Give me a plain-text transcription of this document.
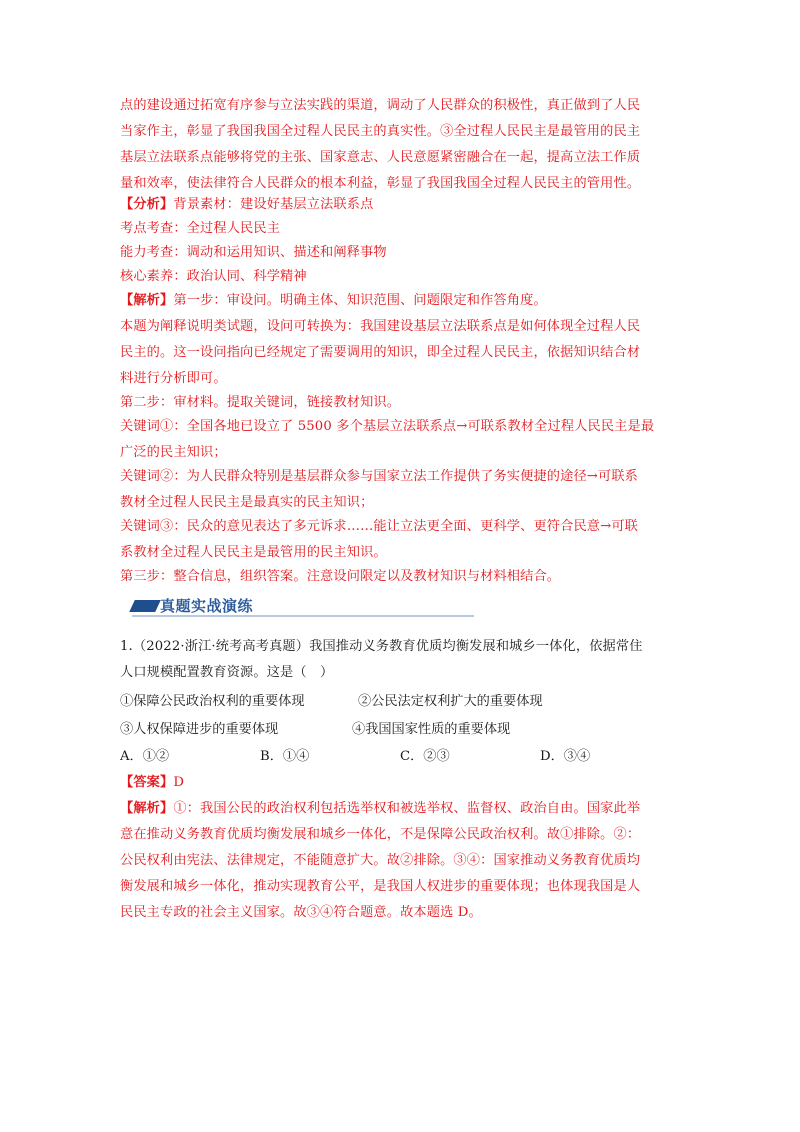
点的建设通过拓宽有序参与立法实践的渠道，调动了人民群众的积极性，真正做到了人民
当家作主，彰显了我国我国全过程人民民主的真实性。③全过程人民民主是最管用的民主
基层立法联系点能够将党的主张、国家意志、人民意愿紧密融合在一起，提高立法工作质
量和效率，使法律符合人民群众的根本利益，彰显了我国我国全过程人民民主的管用性。
【分析】背景素材：建设好基层立法联系点
考点考查：全过程人民民主
能力考查：调动和运用知识、描述和阐释事物
核心素养：政治认同、科学精神
【解析】第一步：审设问。明确主体、知识范围、问题限定和作答角度。
本题为阐释说明类试题，设问可转换为：我国建设基层立法联系点是如何体现全过程人民
民主的。这一设问指向已经规定了需要调用的知识，即全过程人民民主，依据知识结合材
料进行分析即可。
第二步：审材料。提取关键词，链接教材知识。
关键词①：全国各地已设立了 5500 多个基层立法联系点→可联系教材全过程人民民主是最
广泛的民主知识；
关键词②：为人民群众特别是基层群众参与国家立法工作提供了务实便捷的途径→可联系
教材全过程人民民主是最真实的民主知识；
关键词③：民众的意见表达了多元诉求……能让立法更全面、更科学、更符合民意→可联
系教材全过程人民民主是最管用的民主知识。
第三步：整合信息，组织答案。注意设问限定以及教材知识与材料相结合。
真题实战演练
1.（2022·浙江·统考高考真题）我国推动义务教育优质均衡发展和城乡一体化，依据常住
人口规模配置教育资源。这是（　）
①保障公民政治权利的重要体现	②公民法定权利扩大的重要体现
③人权保障进步的重要体现	④我国国家性质的重要体现
A．①②	B．①④	C．②③	D．③④
【答案】D
【解析】①：我国公民的政治权利包括选举权和被选举权、监督权、政治自由。国家此举
意在推动义务教育优质均衡发展和城乡一体化，不是保障公民政治权利。故①排除。②：
公民权利由宪法、法律规定，不能随意扩大。故②排除。③④：国家推动义务教育优质均
衡发展和城乡一体化，推动实现教育公平，是我国人权进步的重要体现；也体现我国是人
民民主专政的社会主义国家。故③④符合题意。故本题选 D。
